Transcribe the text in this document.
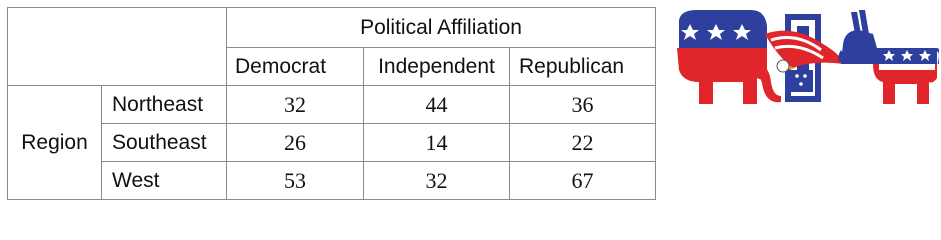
		Political Affiliation		
		Democrat	Independent	Republican
Region	Northeast	32	44	36
	Southeast	26	14	22
	West	53	32	67
